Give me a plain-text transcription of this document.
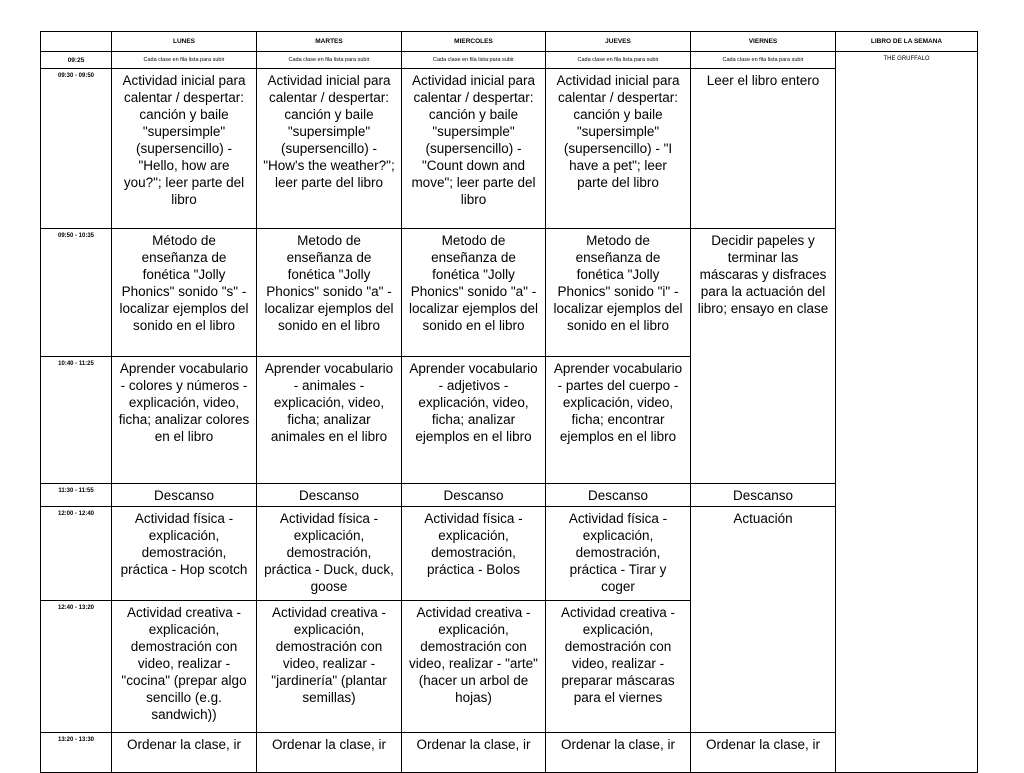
	LUNES	MARTES	MIERCOLES	JUEVES	VIERNES	LIBRO DE LA SEMANA
09:25	Cada clase en fila lista para subir	Cada clase en fila lista para subir	Cada clase en fila lista para subir	Cada clase en fila lista para subir	Cada clase en fila lista para subir	THE GRUFFALO
09:30 - 09:50	Actividad inicial para calentar / despertar: canción y baile "supersimple" (supersencillo) - "Hello, how are you?"; leer parte del libro	Actividad inicial para calentar / despertar: canción y baile "supersimple" (supersencillo) - "How's the weather?"; leer parte del libro	Actividad inicial para calentar / despertar: canción y baile "supersimple" (supersencillo) - "Count down and move"; leer parte del libro	Actividad inicial para calentar / despertar: canción y baile "supersimple" (supersencillo) - "I have a pet"; leer parte del libro	Leer el libro entero	
09:50 - 10:35	Método de enseñanza de fonética "Jolly Phonics" sonido "s" - localizar ejemplos del sonido en el libro	Metodo de enseñanza de fonética "Jolly Phonics" sonido "a" - localizar ejemplos del sonido en el libro	Metodo de enseñanza de fonética "Jolly Phonics" sonido "a" - localizar ejemplos del sonido en el libro	Metodo de enseñanza de fonética "Jolly Phonics" sonido "i" - localizar ejemplos del sonido en el libro	Decidir papeles y terminar las máscaras y disfraces para la actuación del libro; ensayo en clase	
10:40 - 11:25	Aprender vocabulario - colores y números - explicación, video, ficha; analizar colores en el libro	Aprender vocabulario - animales - explicación, video, ficha; analizar animales en el libro	Aprender vocabulario - adjetivos - explicación, video, ficha; analizar ejemplos en el libro	Aprender vocabulario - partes del cuerpo - explicación, video, ficha; encontrar ejemplos en el libro		
11:30 - 11:55	Descanso	Descanso	Descanso	Descanso	Descanso	
12:00 - 12:40	Actividad física - explicación, demostración, práctica - Hop scotch	Actividad física - explicación, demostración, práctica - Duck, duck, goose	Actividad física - explicación, demostración, práctica - Bolos	Actividad física - explicación, demostración, práctica - Tirar y coger	Actuación	
12:40 - 13:20	Actividad creativa - explicación, demostración con video, realizar - "cocina" (prepar algo sencillo (e.g. sandwich))	Actividad creativa - explicación, demostración con video, realizar - "jardinería" (plantar semillas)	Actividad creativa - explicación, demostración con video, realizar - "arte" (hacer un arbol de hojas)	Actividad creativa - explicación, demostración con video, realizar - preparar máscaras para el viernes		
13:20 - 13:30	Ordenar la clase, ir	Ordenar la clase, ir	Ordenar la clase, ir	Ordenar la clase, ir	Ordenar la clase, ir	
